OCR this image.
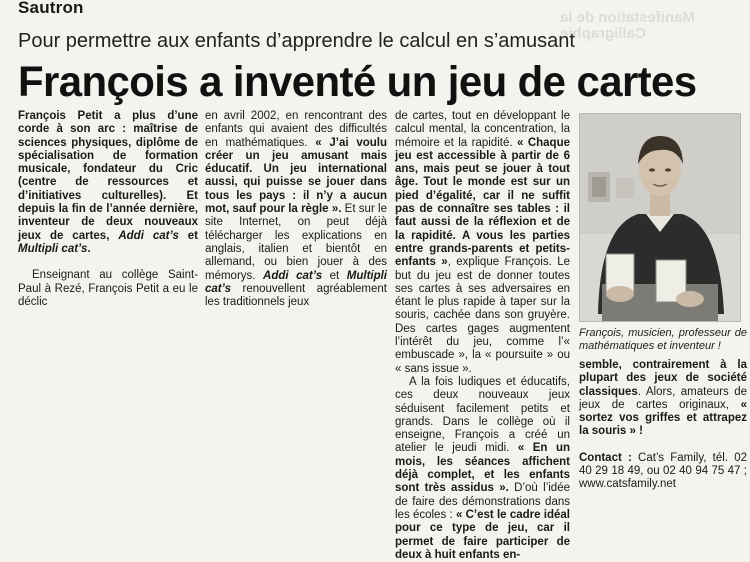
Manifestation de la Calligraphie
Sautron
Pour permettre aux enfants d’apprendre le calcul en s’amusant
François a inventé un jeu de cartes

François Petit a plus d’une corde à son arc : maîtrise de sciences physiques, diplôme de spécialisation de formation musicale, fondateur du Cric (centre de ressources et d’initiatives culturelles). Et depuis la fin de l’année dernière, inventeur de deux nouveaux jeux de cartes, Addi cat’s et Multipli cat’s.

Enseignant au collège Saint-Paul à Rezé, François Petit a eu le déclic

en avril 2002, en rencontrant des enfants qui avaient des difficultés en mathématiques. « J’ai voulu créer un jeu amusant mais éducatif. Un jeu international aussi, qui puisse se jouer dans tous les pays : il n’y a aucun mot, sauf pour la règle ». Et sur le site Internet, on peut déjà télécharger les explications en anglais, italien et bientôt en allemand, ou bien jouer à des mémorys. Addi cat’s et Multipli cat’s renouvellent agréablement les traditionnels jeux

de cartes, tout en développant le calcul mental, la concentration, la mémoire et la rapidité. « Chaque jeu est accessible à partir de 6 ans, mais peut se jouer à tout âge. Tout le monde est sur un pied d’égalité, car il ne suffit pas de connaître ses tables : il faut aussi de la réflexion et de la rapidité. A vous les parties entre grands-parents et petits-enfants », explique François. Le but du jeu est de donner toutes ses cartes à ses adversaires en étant le plus rapide à taper sur la souris, cachée dans son gruyère. Des cartes gages augmentent l’intérêt du jeu, comme l’« embuscade », la « poursuite » ou « sans issue ».

A la fois ludiques et éducatifs, ces deux nouveaux jeux séduisent facilement petits et grands. Dans le collège où il enseigne, François a créé un atelier le jeudi midi. « En un mois, les séances affichent déjà complet, et les enfants sont très assidus ». D’où l’idée de faire des démonstrations dans les écoles : « C’est le cadre idéal pour ce type de jeu, car il permet de faire participer de deux à huit enfants en-

François, musicien, professeur de mathématiques et inventeur !

semble, contrairement à la plupart des jeux de société classiques. Alors, amateurs de jeux de cartes originaux, « sortez vos griffes et attrapez la souris » !

Contact : Cat’s Family, tél. 02 40 29 18 49, ou 02 40 94 75 47 ; www.catsfamily.net
